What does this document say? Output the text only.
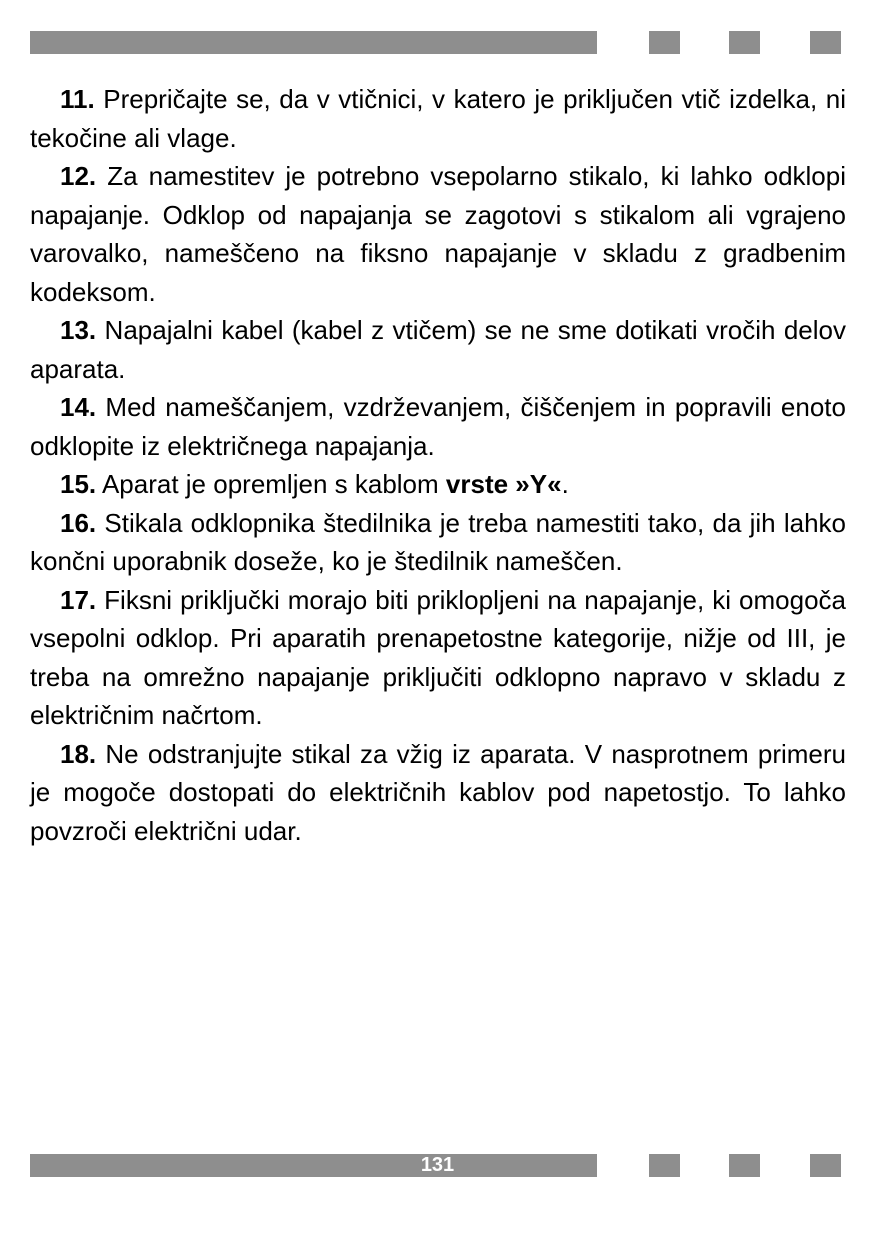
11. Prepričajte se, da v vtičnici, v katero je priključen vtič izdelka, ni tekočine ali vlage.

12. Za namestitev je potrebno vsepolarno stikalo, ki lahko odklopi napajanje. Odklop od napajanja se zagotovi s stikalom ali vgrajeno varovalko, nameščeno na fiksno napajanje v skladu z gradbenim kodeksom.

13. Napajalni kabel (kabel z vtičem) se ne sme dotikati vročih delov aparata.

14. Med nameščanjem, vzdrževanjem, čiščenjem in popravili enoto odklopite iz električnega napajanja.

15. Aparat je opremljen s kablom vrste »Y«.

16. Stikala odklopnika štedilnika je treba namestiti tako, da jih lahko končni uporabnik doseže, ko je štedilnik nameščen.

17. Fiksni priključki morajo biti priklopljeni na napajanje, ki omogoča vsepolni odklop. Pri aparatih prenapetostne kategorije, nižje od III, je treba na omrežno napajanje priključiti odklopno napravo v skladu z električnim načrtom.

18. Ne odstranjujte stikal za vžig iz aparata. V nasprotnem primeru je mogoče dostopati do električnih kablov pod napetostjo. To lahko povzroči električni udar.

131
